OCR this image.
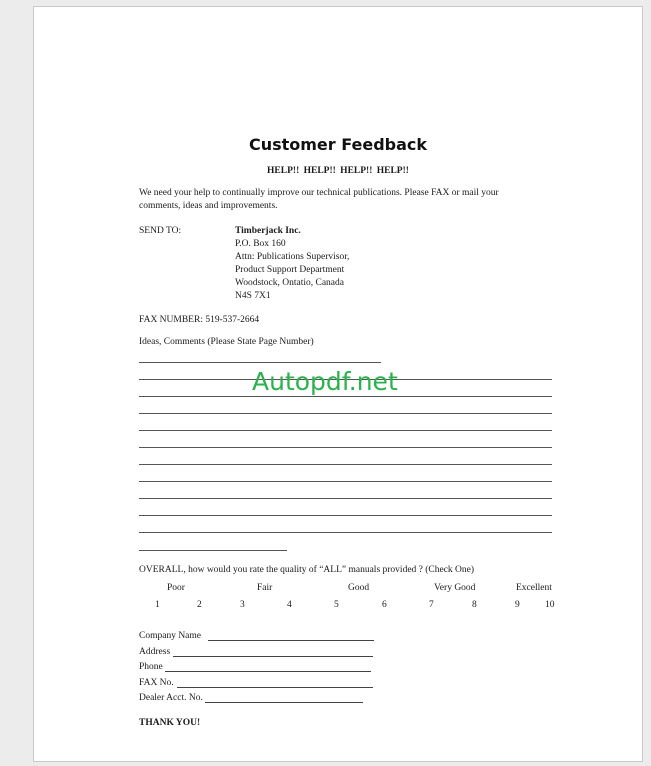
Customer Feedback
HELP!! HELP!! HELP!! HELP!!
We need your help to continually improve our technical publications. Please FAX or mail your
comments, ideas and improvements.
SEND TO:	Timberjack Inc.
P.O. Box 160
Attn: Publications Supervisor,
Product Support Department
Woodstock, Ontatio, Canada
N4S 7X1
FAX NUMBER: 519-537-2664
Ideas, Comments (Please State Page Number)
Autopdf.net
OVERALL, how would you rate the quality of “ALL” manuals provided ? (Check One)
Poor	Fair	Good	Very Good	Excellent
1	2	3	4	5	6	7	8	9	10
Company Name
Address
Phone
FAX No.
Dealer Acct. No.
THANK YOU!
